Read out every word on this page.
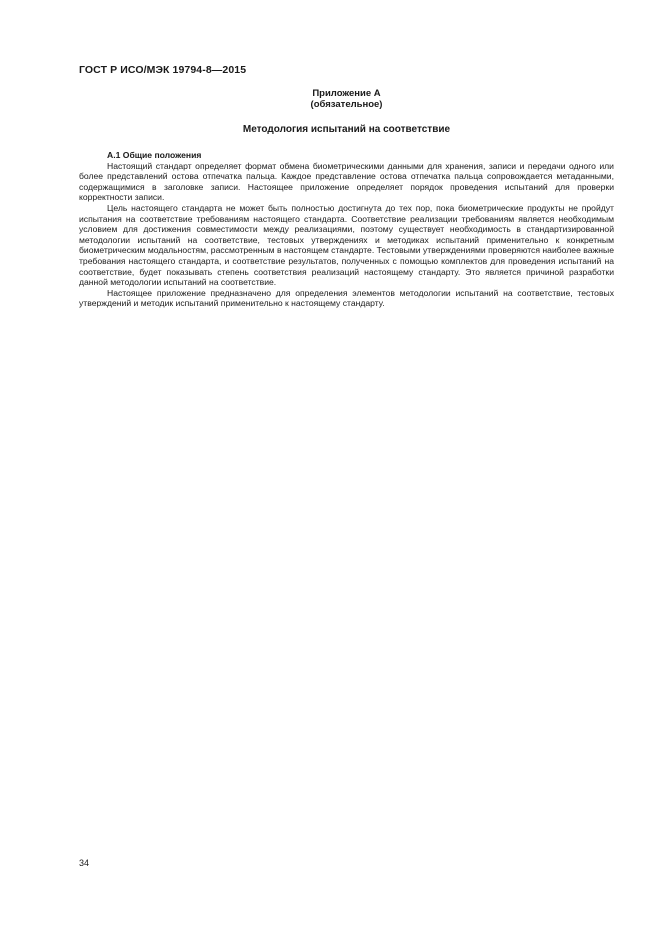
ГОСТ Р ИСО/МЭК 19794-8—2015
Приложение А
(обязательное)
Методология испытаний на соответствие

А.1 Общие положения

Настоящий стандарт определяет формат обмена биометрическими данными для хранения, записи и передачи одного или более представлений остова отпечатка пальца. Каждое представление остова отпечатка пальца сопровождается метаданными, содержащимися в заголовке записи. Настоящее приложение определяет порядок проведения испытаний для проверки корректности записи.

Цель настоящего стандарта не может быть полностью достигнута до тех пор, пока биометрические продукты не пройдут испытания на соответствие требованиям настоящего стандарта. Соответствие реализации требованиям является необходимым условием для достижения совместимости между реализациями, поэтому существует необходимость в стандартизированной методологии испытаний на соответствие, тестовых утверждениях и методиках испытаний применительно к конкретным биометрическим модальностям, рассмотренным в настоящем стандарте. Тестовыми утверждениями проверяются наиболее важные требования настоящего стандарта, и соответствие результатов, полученных с помощью комплектов для проведения испытаний на соответствие, будет показывать степень соответствия реализаций настоящему стандарту. Это является причиной разработки данной методологии испытаний на соответствие.

Настоящее приложение предназначено для определения элементов методологии испытаний на соответствие, тестовых утверждений и методик испытаний применительно к настоящему стандарту.

34
